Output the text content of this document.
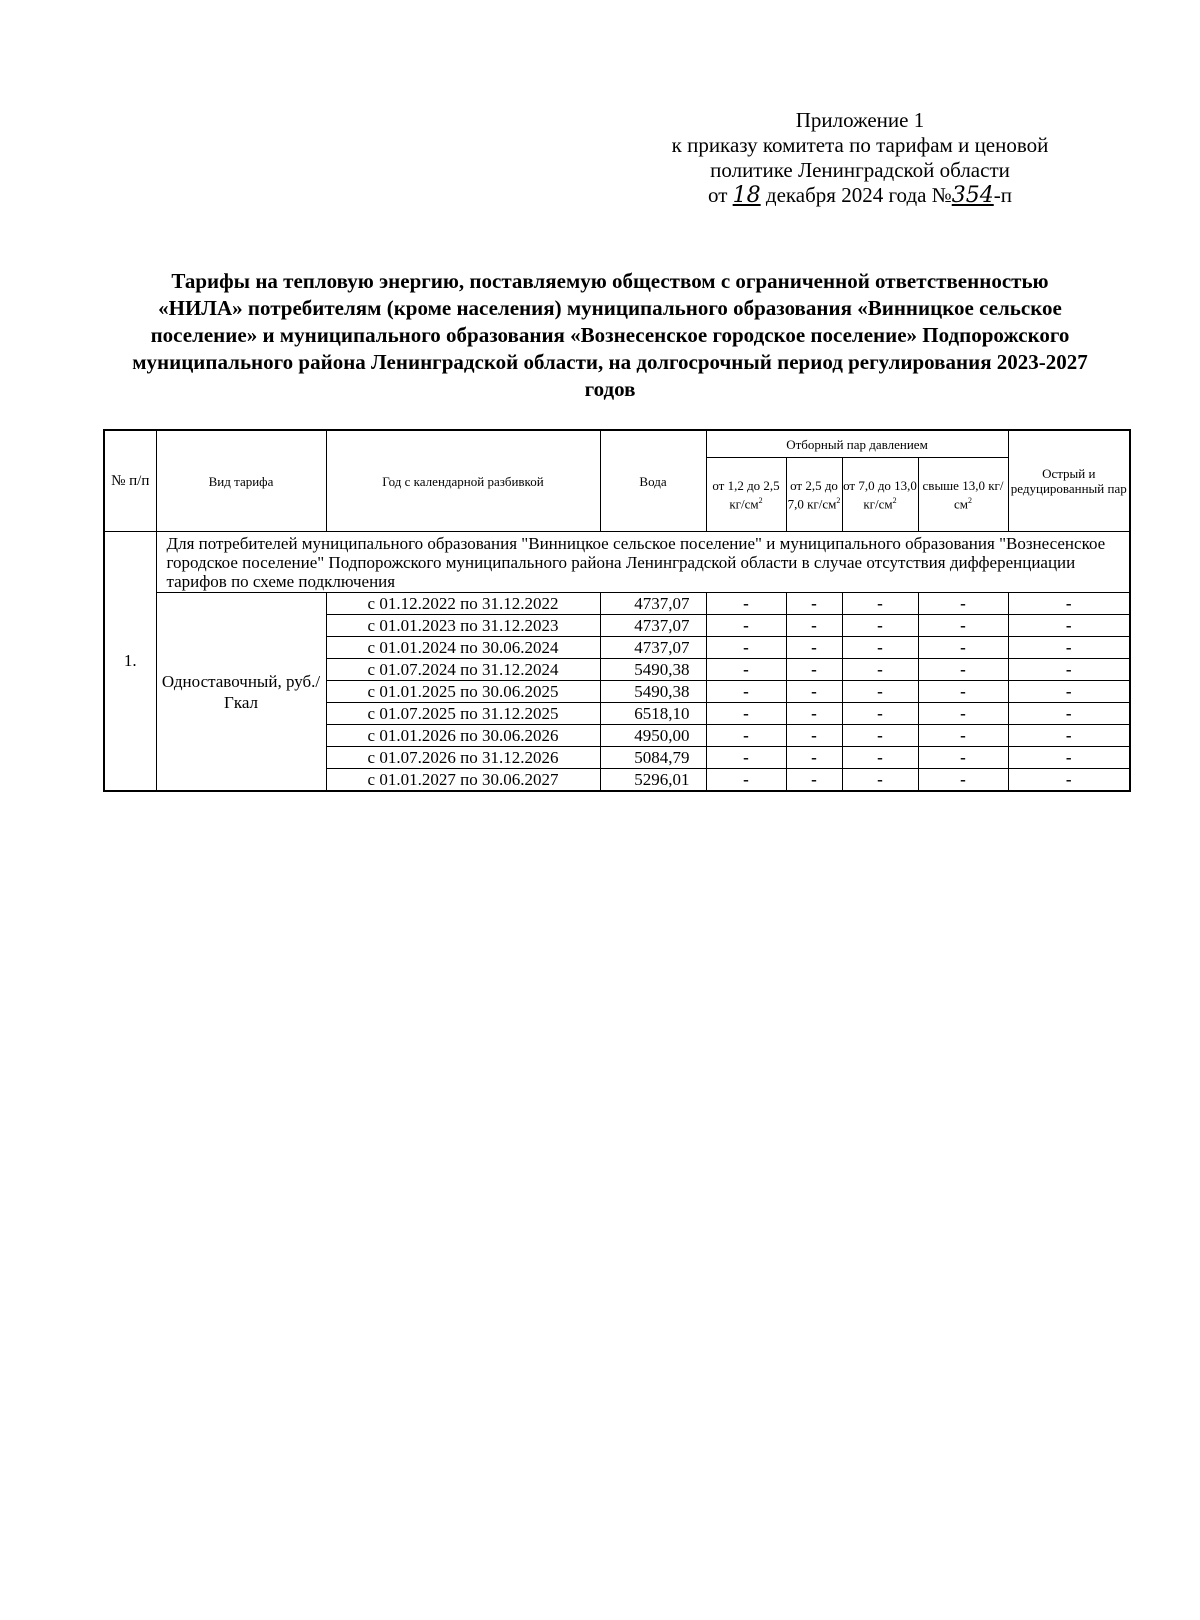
Приложение 1
к приказу комитета по тарифам и ценовой
политике Ленинградской области
от 18 декабря 2024 года №354-п
Тарифы на тепловую энергию, поставляемую обществом с ограниченной ответственностью «НИЛА» потребителям (кроме населения) муниципального образования «Винницкое сельское поселение» и муниципального образования «Вознесенское городское поселение» Подпорожского муниципального района Ленинградской области, на долгосрочный период регулирования 2023-2027 годов
№ п/п	Вид тарифа	Год с календарной разбивкой	Вода	Отборный пар давлением				Острый и редуцированный пар
				от 1,2 до 2,5 $кг/см^2$	от 2,5 до 7,0 $кг/см^2$	от 7,0 до 13,0 $кг/см^2$	свыше 13,0 $кг/см^2$
1.	Для потребителей муниципального образования "Винницкое сельское поселение" и муниципального образования "Вознесенское городское поселение" Подпорожского муниципального района Ленинградской области в случае отсутствия дифференциации тарифов по схеме подключения							
	Одноставочный, руб./Гкал	с 01.12.2022 по 31.12.2022	4737,07	-	-	-	-	-
		с 01.01.2023 по 31.12.2023	4737,07	-	-	-	-	-
		с 01.01.2024 по 30.06.2024	4737,07	-	-	-	-	-
		с 01.07.2024 по 31.12.2024	5490,38	-	-	-	-	-
		с 01.01.2025 по 30.06.2025	5490,38	-	-	-	-	-
		с 01.07.2025 по 31.12.2025	6518,10	-	-	-	-	-
		с 01.01.2026 по 30.06.2026	4950,00	-	-	-	-	-
		с 01.07.2026 по 31.12.2026	5084,79	-	-	-	-	-
		с 01.01.2027 по 30.06.2027	5296,01	-	-	-	-	-
